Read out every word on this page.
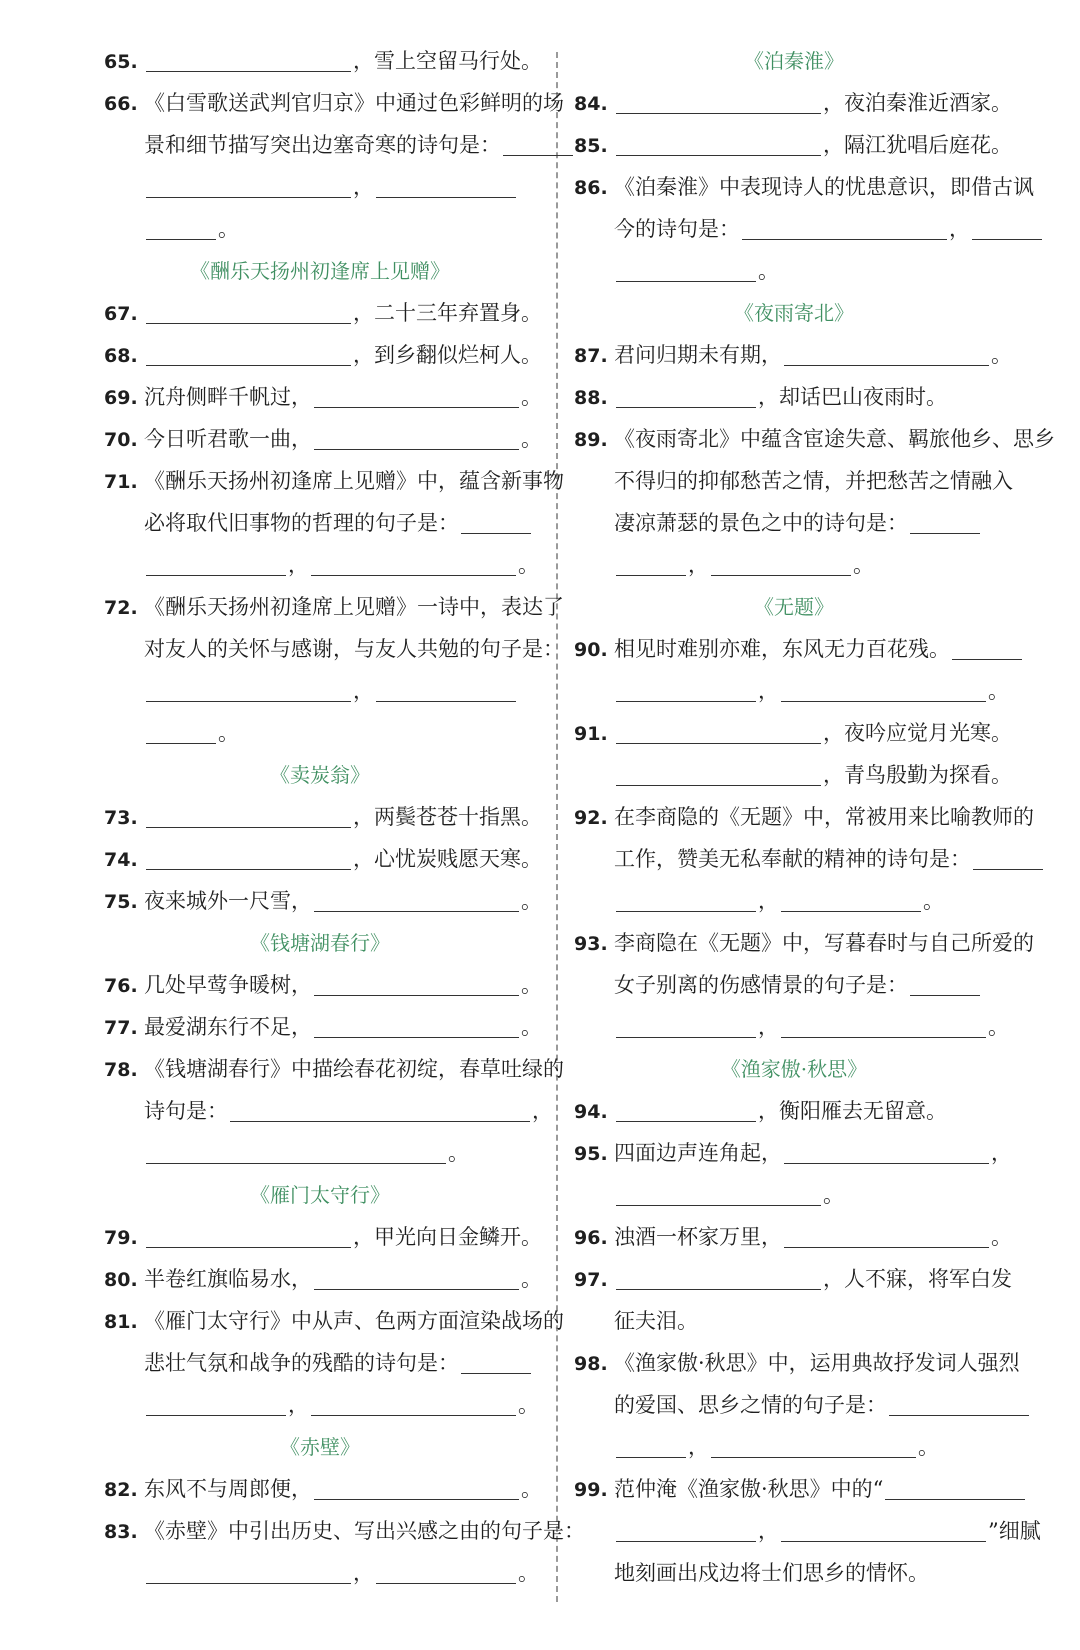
65.	，雪上空留马行处。
66. 《白雪歌送武判官归京》中通过色彩鲜明的场
景和细节描写突出边塞奇寒的诗句是：
，
。
《酬乐天扬州初逢席上见赠》
67.	，二十三年弃置身。
68.	，到乡翻似烂柯人。
69. 沉舟侧畔千帆过，	。
70. 今日听君歌一曲，	。
71. 《酬乐天扬州初逢席上见赠》中，蕴含新事物
必将取代旧事物的哲理的句子是：
，	。
72. 《酬乐天扬州初逢席上见赠》一诗中，表达了
对友人的关怀与感谢，与友人共勉的句子是：
，
。
《卖炭翁》
73.	，两鬓苍苍十指黑。
74.	，心忧炭贱愿天寒。
75. 夜来城外一尺雪，	。
《钱塘湖春行》
76. 几处早莺争暖树，	。
77. 最爱湖东行不足，	。
78. 《钱塘湖春行》中描绘春花初绽，春草吐绿的
诗句是：	，
。
《雁门太守行》
79.	，甲光向日金鳞开。
80. 半卷红旗临易水，	。
81. 《雁门太守行》中从声、色两方面渲染战场的
悲壮气氛和战争的残酷的诗句是：
，	。
《赤壁》
82. 东风不与周郎便，	。
83. 《赤壁》中引出历史、写出兴感之由的句子是：
，	。
《泊秦淮》
84.	，夜泊秦淮近酒家。
85.	，隔江犹唱后庭花。
86. 《泊秦淮》中表现诗人的忧患意识，即借古讽
今的诗句是：	，
。
《夜雨寄北》
87. 君问归期未有期，	。
88.	，却话巴山夜雨时。
89. 《夜雨寄北》中蕴含宦途失意、羁旅他乡、思乡
不得归的抑郁愁苦之情，并把愁苦之情融入
凄凉萧瑟的景色之中的诗句是：
，	。
《无题》
90. 相见时难别亦难，东风无力百花残。
，	。
91.	，夜吟应觉月光寒。
，青鸟殷勤为探看。
92. 在李商隐的《无题》中，常被用来比喻教师的
工作，赞美无私奉献的精神的诗句是：
，	。
93. 李商隐在《无题》中，写暮春时与自己所爱的
女子别离的伤感情景的句子是：
，	。
《渔家傲·秋思》
94.	，衡阳雁去无留意。
95. 四面边声连角起，	，
。
96. 浊酒一杯家万里，	。
97.	，人不寐，将军白发
征夫泪。
98. 《渔家傲·秋思》中，运用典故抒发词人强烈
的爱国、思乡之情的句子是：
，	。
99. 范仲淹《渔家傲·秋思》中的“
，	”细腻
地刻画出戍边将士们思乡的情怀。
